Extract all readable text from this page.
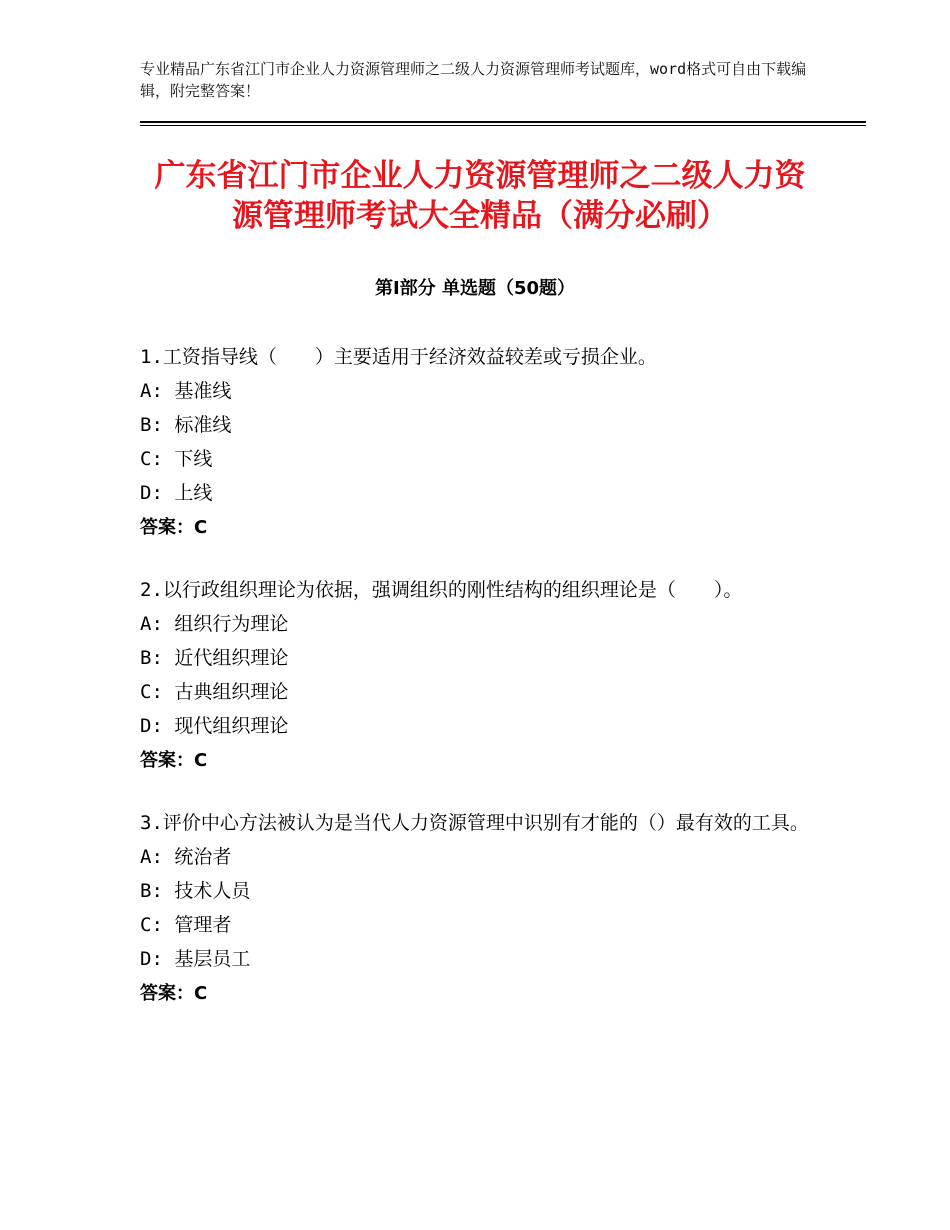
专业精品广东省江门市企业人力资源管理师之二级人力资源管理师考试题库，word格式可自由下载编辑，附完整答案！
广东省江门市企业人力资源管理师之二级人力资源管理师考试大全精品（满分必刷）
第Ⅰ部分 单选题（50题）
1.工资指导线（　　）主要适用于经济效益较差或亏损企业。
A: 基准线
B: 标准线
C: 下线
D: 上线
答案：C
2.以行政组织理论为依据，强调组织的刚性结构的组织理论是（　　）。
A: 组织行为理论
B: 近代组织理论
C: 古典组织理论
D: 现代组织理论
答案：C
3.评价中心方法被认为是当代人力资源管理中识别有才能的（）最有效的工具。
A: 统治者
B: 技术人员
C: 管理者
D: 基层员工
答案：C
